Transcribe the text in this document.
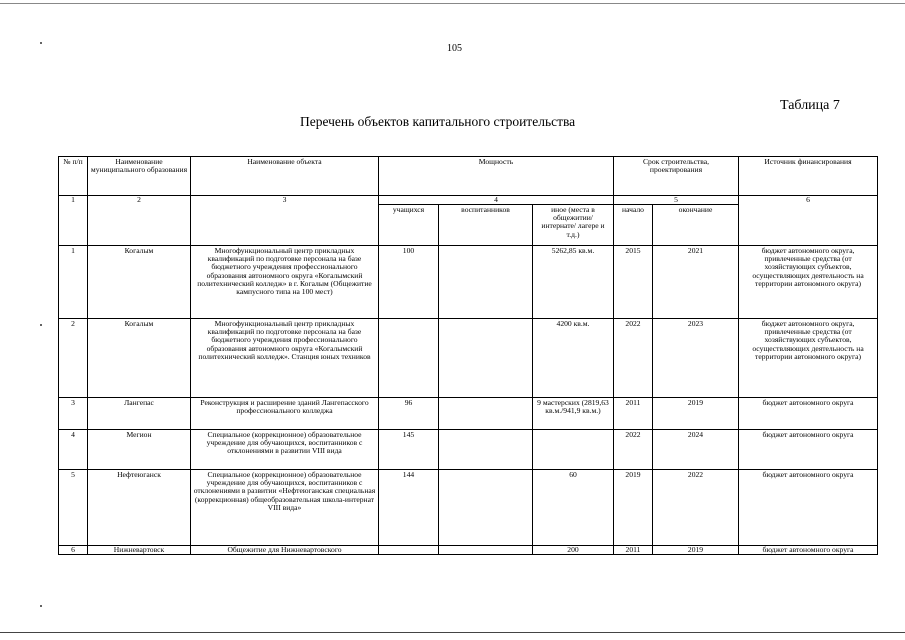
105
Таблица 7
Перечень объектов капитального строительства
№ п/п	Наименование муниципального образования	Наименование объекта	Мощность			Срок строительства, проектирования		Источник финансирования
1	2	3	4			5		6
			учащихся	воспитанников	иное (места в общежитии/ интернате/ лагере и т.д.)	начало	окончание	
1	Когалым	Многофункциональный центр прикладных квалификаций по подготовке персонала на базе бюджетного учреждения профессионального образования автономного округа «Когалымский политехнический колледж» в г. Когалым (Общежитие кампусного типа на 100 мест)	100		5262,85 кв.м.	2015	2021	бюджет автономного округа, привлеченные средства (от хозяйствующих субъектов, осуществляющих деятельность на территории автономного округа)
2	Когалым	Многофункциональный центр прикладных квалификаций по подготовке персонала на базе бюджетного учреждения профессионального образования автономного округа «Когалымский политехнический колледж». Станция юных техников			4200 кв.м.	2022	2023	бюджет автономного округа, привлеченные средства (от хозяйствующих субъектов, осуществляющих деятельность на территории автономного округа)
3	Лангепас	Реконструкция и расширение зданий Лангепасского профессионального колледжа	96		9 мастерских (2819,63 кв.м./941,9 кв.м.)	2011	2019	бюджет автономного округа
4	Мегион	Специальное (коррекционное) образовательное учреждение для обучающихся, воспитанников с отклонениями в развитии VIII вида	145			2022	2024	бюджет автономного округа
5	Нефтеюганск	Специальное (коррекционное) образовательное учреждение для обучающихся, воспитанников с отклонениями в развитии «Нефтеюганская специальная (коррекционная) общеобразовательная школа-интернат VIII вида»	144		60	2019	2022	бюджет автономного округа
6	Нижневартовск	Общежитие для Нижневартовского			200	2011	2019	бюджет автономного округа
